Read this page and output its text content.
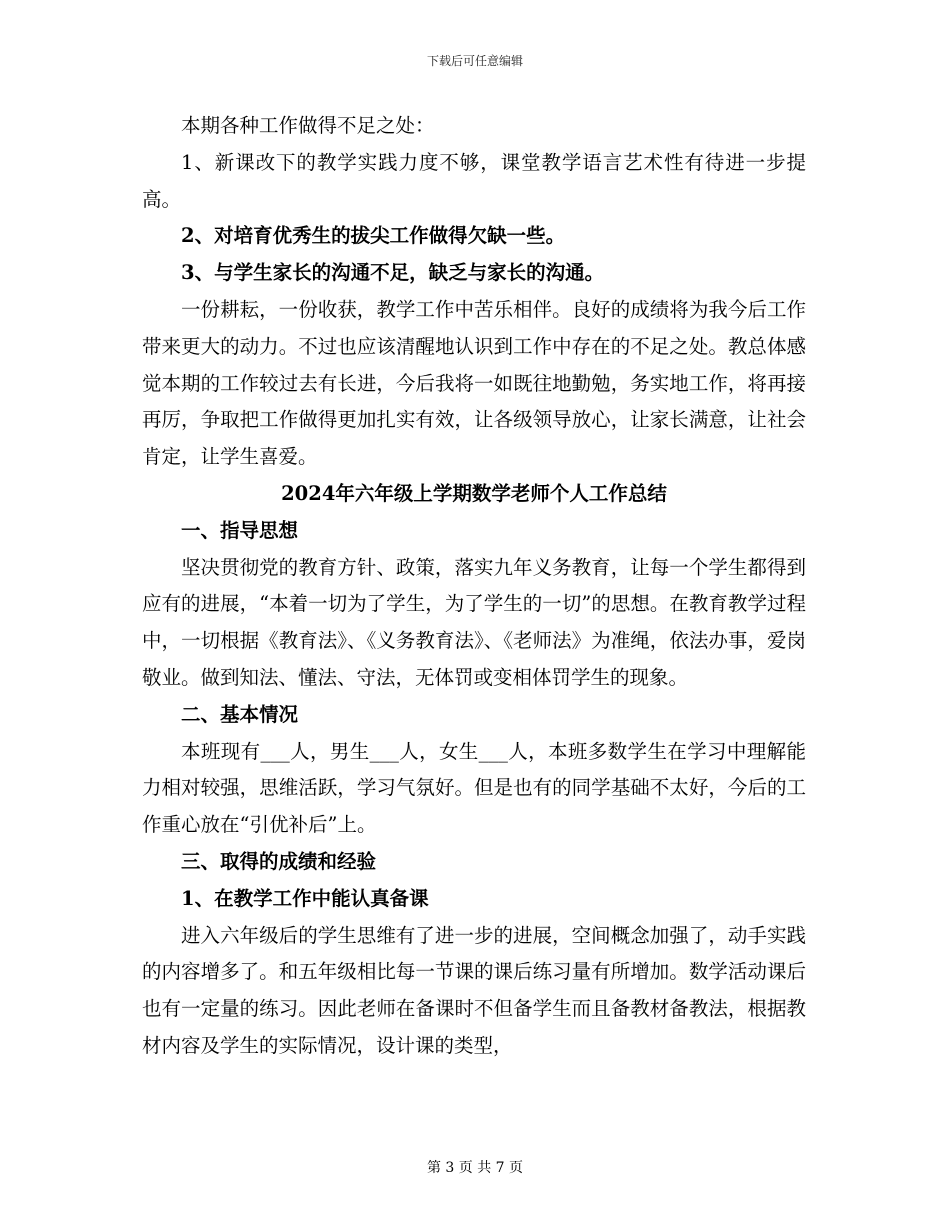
下载后可任意编辑

本期各种工作做得不足之处：

1、新课改下的教学实践力度不够，课堂教学语言艺术性有待进一步提高。

2、对培育优秀生的拔尖工作做得欠缺一些。

3、与学生家长的沟通不足，缺乏与家长的沟通。

一份耕耘，一份收获，教学工作中苦乐相伴。良好的成绩将为我今后工作带来更大的动力。不过也应该清醒地认识到工作中存在的不足之处。教总体感觉本期的工作较过去有长进，今后我将一如既往地勤勉，务实地工作，将再接再厉，争取把工作做得更加扎实有效，让各级领导放心，让家长满意，让社会肯定，让学生喜爱。

2024年六年级上学期数学老师个人工作总结

一、指导思想

坚决贯彻党的教育方针、政策，落实九年义务教育，让每一个学生都得到应有的进展，“本着一切为了学生，为了学生的一切”的思想。在教育教学过程中，一切根据《教育法》、《义务教育法》、《老师法》为准绳，依法办事，爱岗敬业。做到知法、懂法、守法，无体罚或变相体罚学生的现象。

二、基本情况

本班现有___人，男生___人，女生___人，本班多数学生在学习中理解能力相对较强，思维活跃，学习气氛好。但是也有的同学基础不太好，今后的工作重心放在“引优补后”上。

三、取得的成绩和经验

1、在教学工作中能认真备课

进入六年级后的学生思维有了进一步的进展，空间概念加强了，动手实践的内容增多了。和五年级相比每一节课的课后练习量有所增加。数学活动课后也有一定量的练习。因此老师在备课时不但备学生而且备教材备教法，根据教材内容及学生的实际情况，设计课的类型，

第 3 页 共 7 页
